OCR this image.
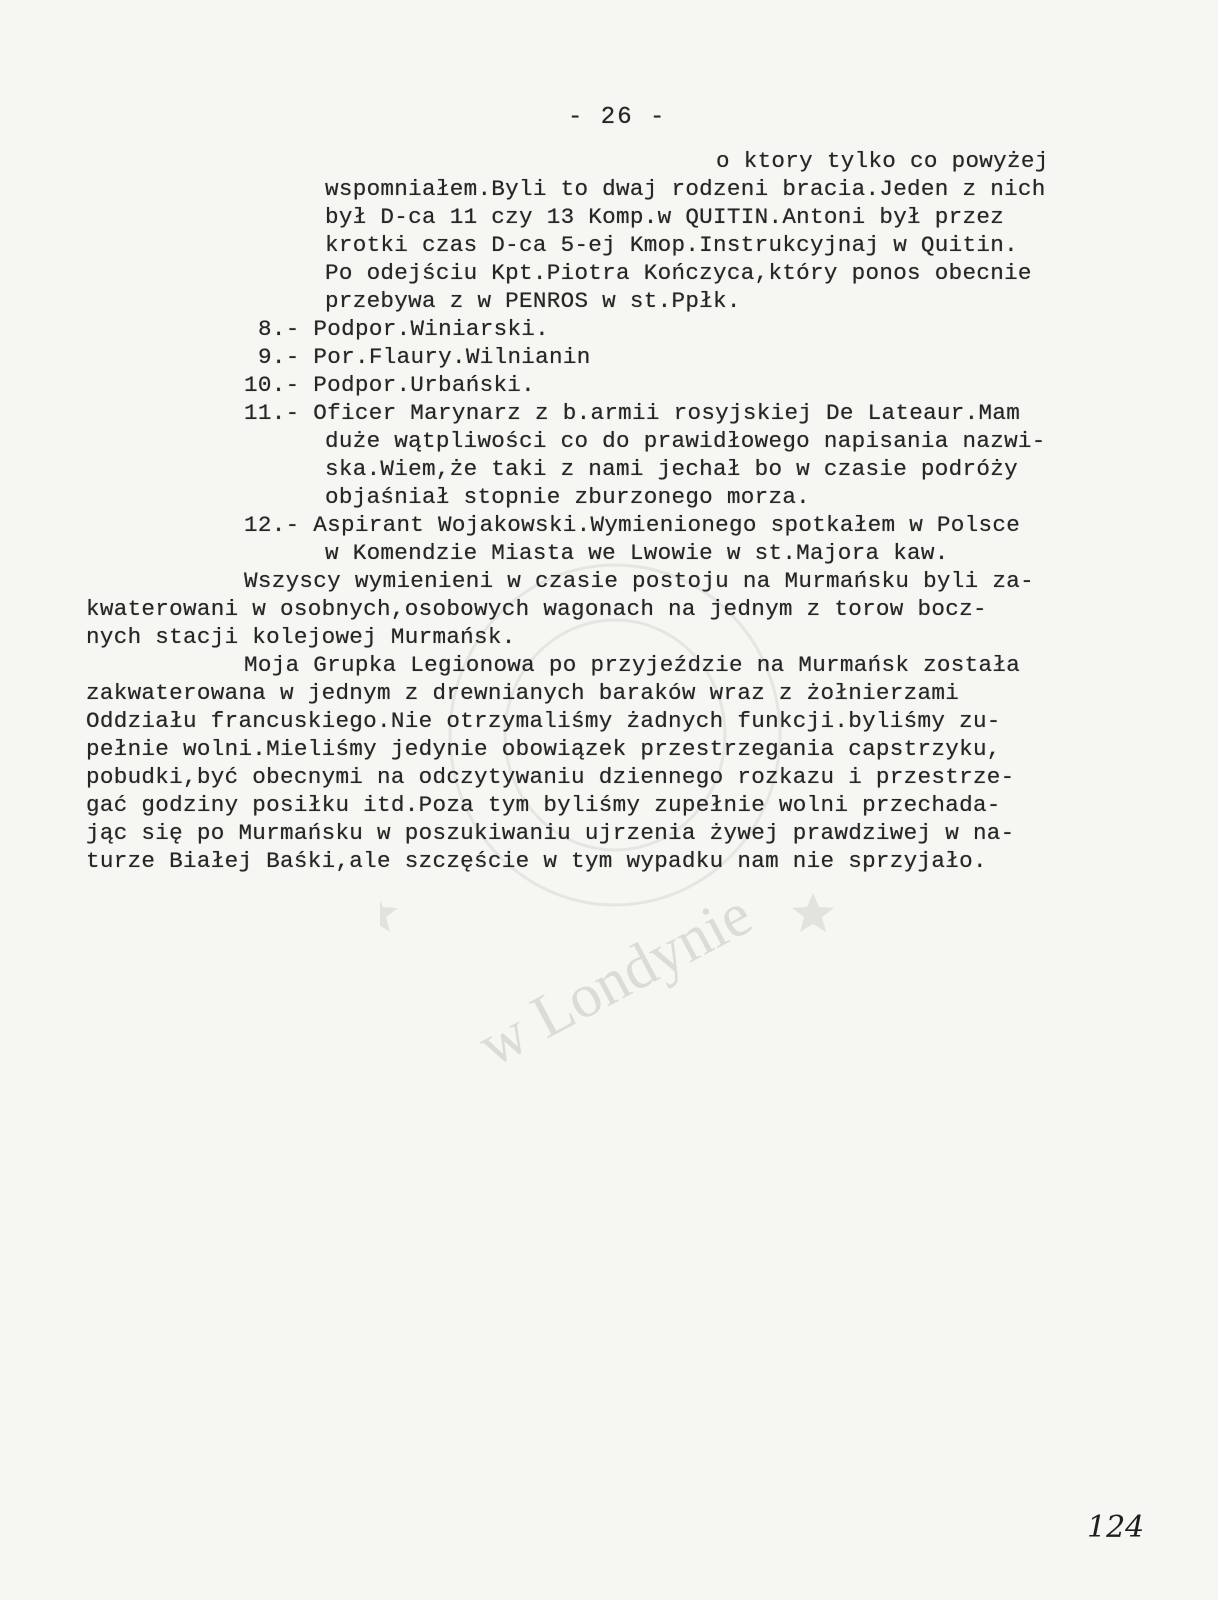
w Londynie
- 26 -
o ktory tylko co powyżej
wspomniałem.Byli to dwaj rodzeni bracia.Jeden z nich
był D-ca 11 czy 13 Komp.w QUITIN.Antoni był przez
krotki czas D-ca 5-ej Kmop.Instrukcyjnaj w Quitin.
Po odejściu Kpt.Piotra Kończyca,który ponos obecnie
przebywa z w PENROS w st.Ppłk.
8.- Podpor.Winiarski.
9.- Por.Flaury.Wilnianin
10.- Podpor.Urbański.
11.- Oficer Marynarz z b.armii rosyjskiej De Lateaur.Mam
duże wątpliwości co do prawidłowego napisania nazwi-
ska.Wiem,że taki z nami jechał bo w czasie podróży
objaśniał stopnie zburzonego morza.
12.- Aspirant Wojakowski.Wymienionego spotkałem w Polsce
w Komendzie Miasta we Lwowie w st.Majora kaw.
Wszyscy wymienieni w czasie postoju na Murmańsku byli za-
kwaterowani w osobnych,osobowych wagonach na jednym z torow bocz-
nych stacji kolejowej Murmańsk.
Moja Grupka Legionowa po przyjeździe na Murmańsk została
zakwaterowana w jednym z drewnianych baraków wraz z żołnierzami
Oddziału francuskiego.Nie otrzymaliśmy żadnych funkcji.byliśmy zu-
pełnie wolni.Mieliśmy jedynie obowiązek przestrzegania capstrzyku,
pobudki,być obecnymi na odczytywaniu dziennego rozkazu i przestrze-
gać godziny posiłku itd.Poza tym byliśmy zupełnie wolni przechada-
jąc się po Murmańsku w poszukiwaniu ujrzenia żywej prawdziwej w na-
turze Białej Baśki,ale szczęście w tym wypadku nam nie sprzyjało.
124
